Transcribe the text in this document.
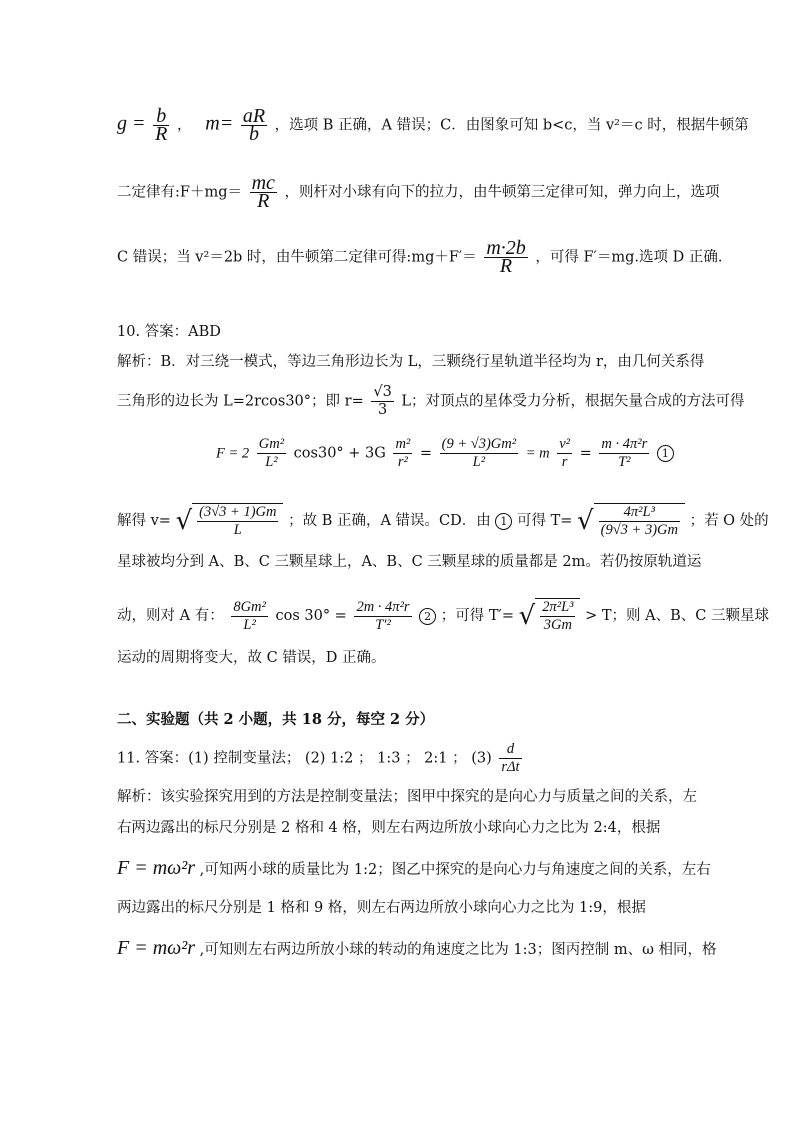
$g = \frac{b}{R}$ ，   $m= \frac{aR}{b}$ ，选项 B 正确，A 错误；C．由图象可知 b<c，当 v²＝c 时，根据牛顿第
二定律有:F＋mg＝ $\frac{mc}{R}$ ，则杆对小球有向下的拉力，由牛顿第三定律可知，弹力向上，选项
C 错误；当 v²＝2b 时，由牛顿第二定律可得:mg＋F′＝ $\frac{m\cdot 2b}{R}$ ，可得 F′＝mg.选项 D 正确.
10. 答案：ABD
解析：B．对三绕一模式，等边三角形边长为 L，三颗绕行星轨道半径均为 r，由几何关系得
三角形的边长为 L=2rcos30°；即 $r= \frac{√3}{3}$ L；对顶点的星体受力分析，根据矢量合成的方法可得
$F = 2 \frac{\text{Gm²}}{\text{L²}} \cos 30^\circ + 3G \frac{\text{m²}}{\text{r²}} = \frac{\text{(9 + √3)Gm²}}{\text{L²}} = m \frac{\text{v²}}{r} = \frac{\text{m · 4π²r}}{\text{T²}} 1$
解得 v= √ $\frac{(3√3 + 1)Gm}{L}$ ；故 B 正确，A 错误。CD．由 1 可得 T= √ $\frac{\text{4π²L³}}{(9√3 + 3)Gm}$ ；若 O 处的
星球被均分到 A、B、C 三颗星球上，A、B、C 三颗星球的质量都是 2m。若仍按原轨道运
动，则对 A 有： $\frac{\text{8Gm²}}{\text{L²}}$ $\cos 30^\circ = \frac{\text{2m · 4π²r}}{\text{T′²}} 2$ ；可得 T′= √ $\frac{\text{2π²L³}}{3Gm} > T$；则 A、B、C 三颗星球
运动的周期将变大，故 C 错误，D 正确。
二、实验题（共 2 小题，共 18 分，每空 2 分）
11. 答案：(1) 控制变量法； (2) 1:2 ； 1:3 ； 2:1 ； $(3) \frac{d}{\text{rΔt}}$
解析：该实验探究用到的方法是控制变量法；图甲中探究的是向心力与质量之间的关系，左
右两边露出的标尺分别是 2 格和 4 格，则左右两边所放小球向心力之比为 2:4，根据
F = mω²r ,可知两小球的质量比为 1:2；图乙中探究的是向心力与角速度之间的关系，左右
两边露出的标尺分别是 1 格和 9 格，则左右两边所放小球向心力之比为 1:9，根据
F = mω²r ,可知则左右两边所放小球的转动的角速度之比为 1:3；图丙控制 m、ω 相同，格
